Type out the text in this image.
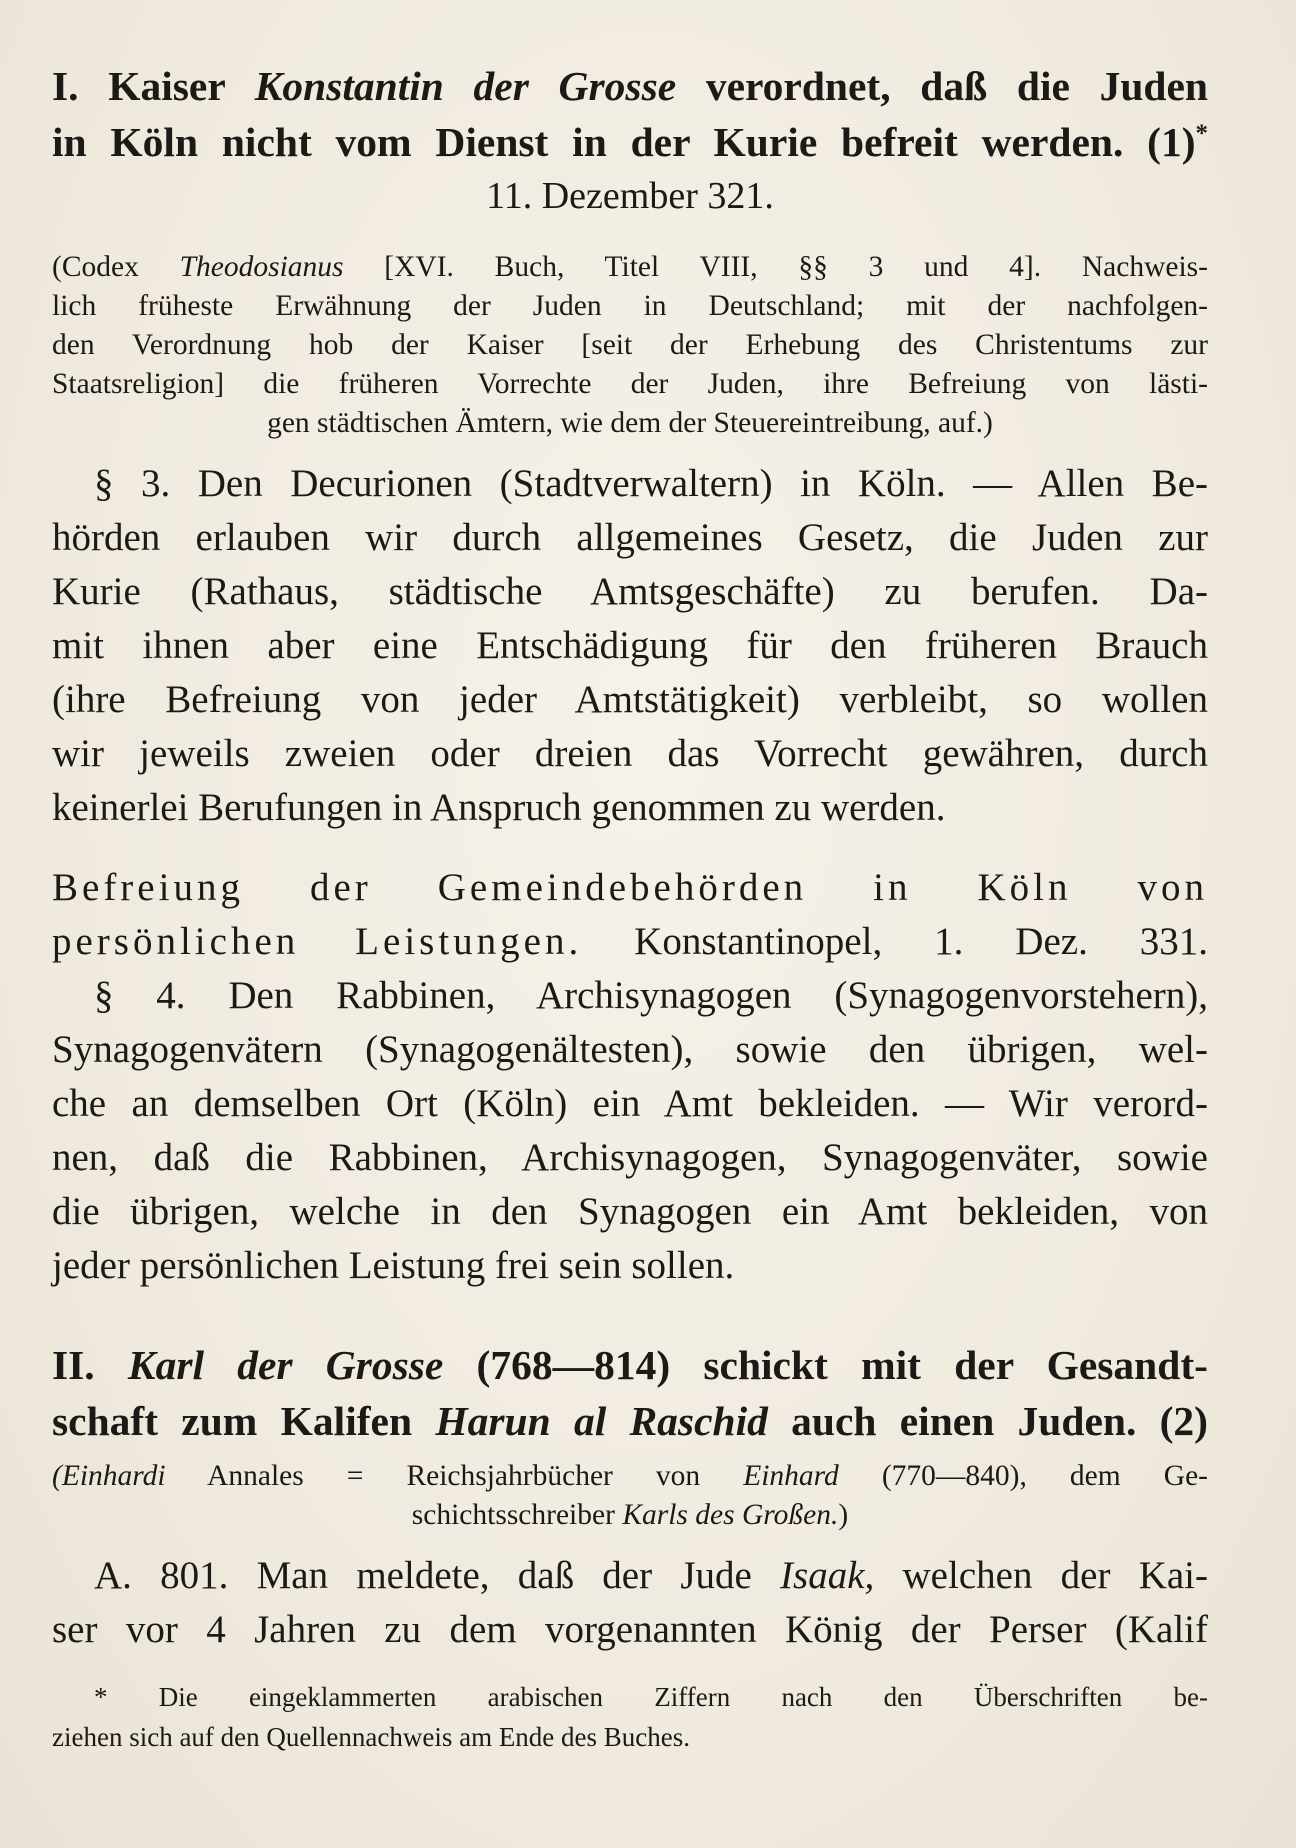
I. Kaiser Konstantin der Grosse verordnet, daß die Juden
in Köln nicht vom Dienst in der Kurie befreit werden. (1)*

11. Dezember 321.

(Codex Theodosianus [XVI. Buch, Titel VIII, §§ 3 und 4]. Nachweis-
lich früheste Erwähnung der Juden in Deutschland; mit der nachfolgen-
den Verordnung hob der Kaiser [seit der Erhebung des Christentums zur
Staatsreligion] die früheren Vorrechte der Juden, ihre Befreiung von lästi-
gen städtischen Ämtern, wie dem der Steuereintreibung, auf.)
§ 3. Den Decurionen (Stadtverwaltern) in Köln. — Allen Be-
hörden erlauben wir durch allgemeines Gesetz, die Juden zur
Kurie (Rathaus, städtische Amtsgeschäfte) zu berufen. Da-
mit ihnen aber eine Entschädigung für den früheren Brauch
(ihre Befreiung von jeder Amtstätigkeit) verbleibt, so wollen
wir jeweils zweien oder dreien das Vorrecht gewähren, durch
keinerlei Berufungen in Anspruch genommen zu werden.
Befreiung der Gemeindebehörden in Köln von
persönlichen Leistungen. Konstantinopel, 1. Dez. 331.
§ 4. Den Rabbinen, Archisynagogen (Synagogenvorstehern),
Synagogenvätern (Synagogenältesten), sowie den übrigen, wel-
che an demselben Ort (Köln) ein Amt bekleiden. — Wir verord-
nen, daß die Rabbinen, Archisynagogen, Synagogenväter, sowie
die übrigen, welche in den Synagogen ein Amt bekleiden, von
jeder persönlichen Leistung frei sein sollen.
II. Karl der Grosse (768—814) schickt mit der Gesandt-
schaft zum Kalifen Harun al Raschid auch einen Juden. (2)
(Einhardi Annales = Reichsjahrbücher von Einhard (770—840), dem Ge-
schichtsschreiber Karls des Großen.)
A. 801. Man meldete, daß der Jude Isaak, welchen der Kai-
ser vor 4 Jahren zu dem vorgenannten König der Perser (Kalif
* Die eingeklammerten arabischen Ziffern nach den Überschriften be-
ziehen sich auf den Quellennachweis am Ende des Buches.
